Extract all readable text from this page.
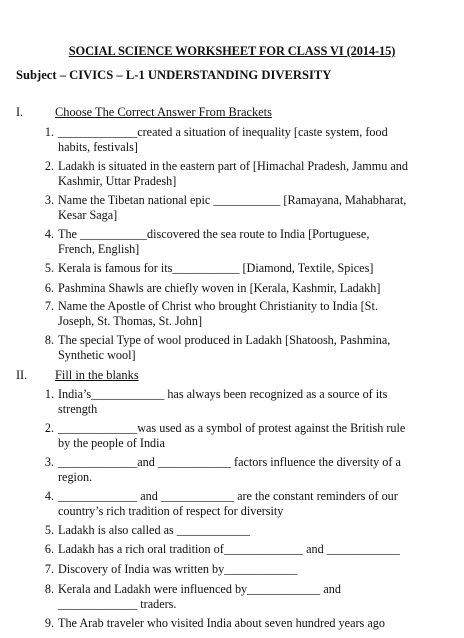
SOCIAL SCIENCE WORKSHEET FOR CLASS VI (2014-15)
Subject – CIVICS – L-1 UNDERSTANDING DIVERSITY
I.	Choose The Correct Answer From Brackets
1. _____________created a situation of inequality [caste system, food habits, festivals]
2. Ladakh is situated in the eastern part of [Himachal Pradesh, Jammu and Kashmir, Uttar Pradesh]
3. Name the Tibetan national epic ___________ [Ramayana, Mahabharat, Kesar Saga]
4. The ___________discovered the sea route to India [Portuguese, French, English]
5. Kerala is famous for its___________ [Diamond, Textile, Spices]
6. Pashmina Shawls are chiefly woven in [Kerala, Kashmir, Ladakh]
7. Name the Apostle of Christ who brought Christianity to India [St. Joseph, St. Thomas, St. John]
8. The special Type of wool produced in Ladakh [Shatoosh, Pashmina, Synthetic wool]
II. Fill in the blanks
1. India’s____________ has always been recognized as a source of its strength
2. _____________was used as a symbol of protest against the British rule by the people of India
3. _____________and ____________ factors influence the diversity of a region.
4. _____________ and ____________ are the constant reminders of our country’s rich tradition of respect for diversity
5. Ladakh is also called as ____________
6. Ladakh has a rich oral tradition of_____________ and ____________
7. Discovery of India was written by____________
8. Kerala and Ladakh were influenced by____________ and _____________ traders.
9. The Arab traveler who visited India about seven hundred years ago
